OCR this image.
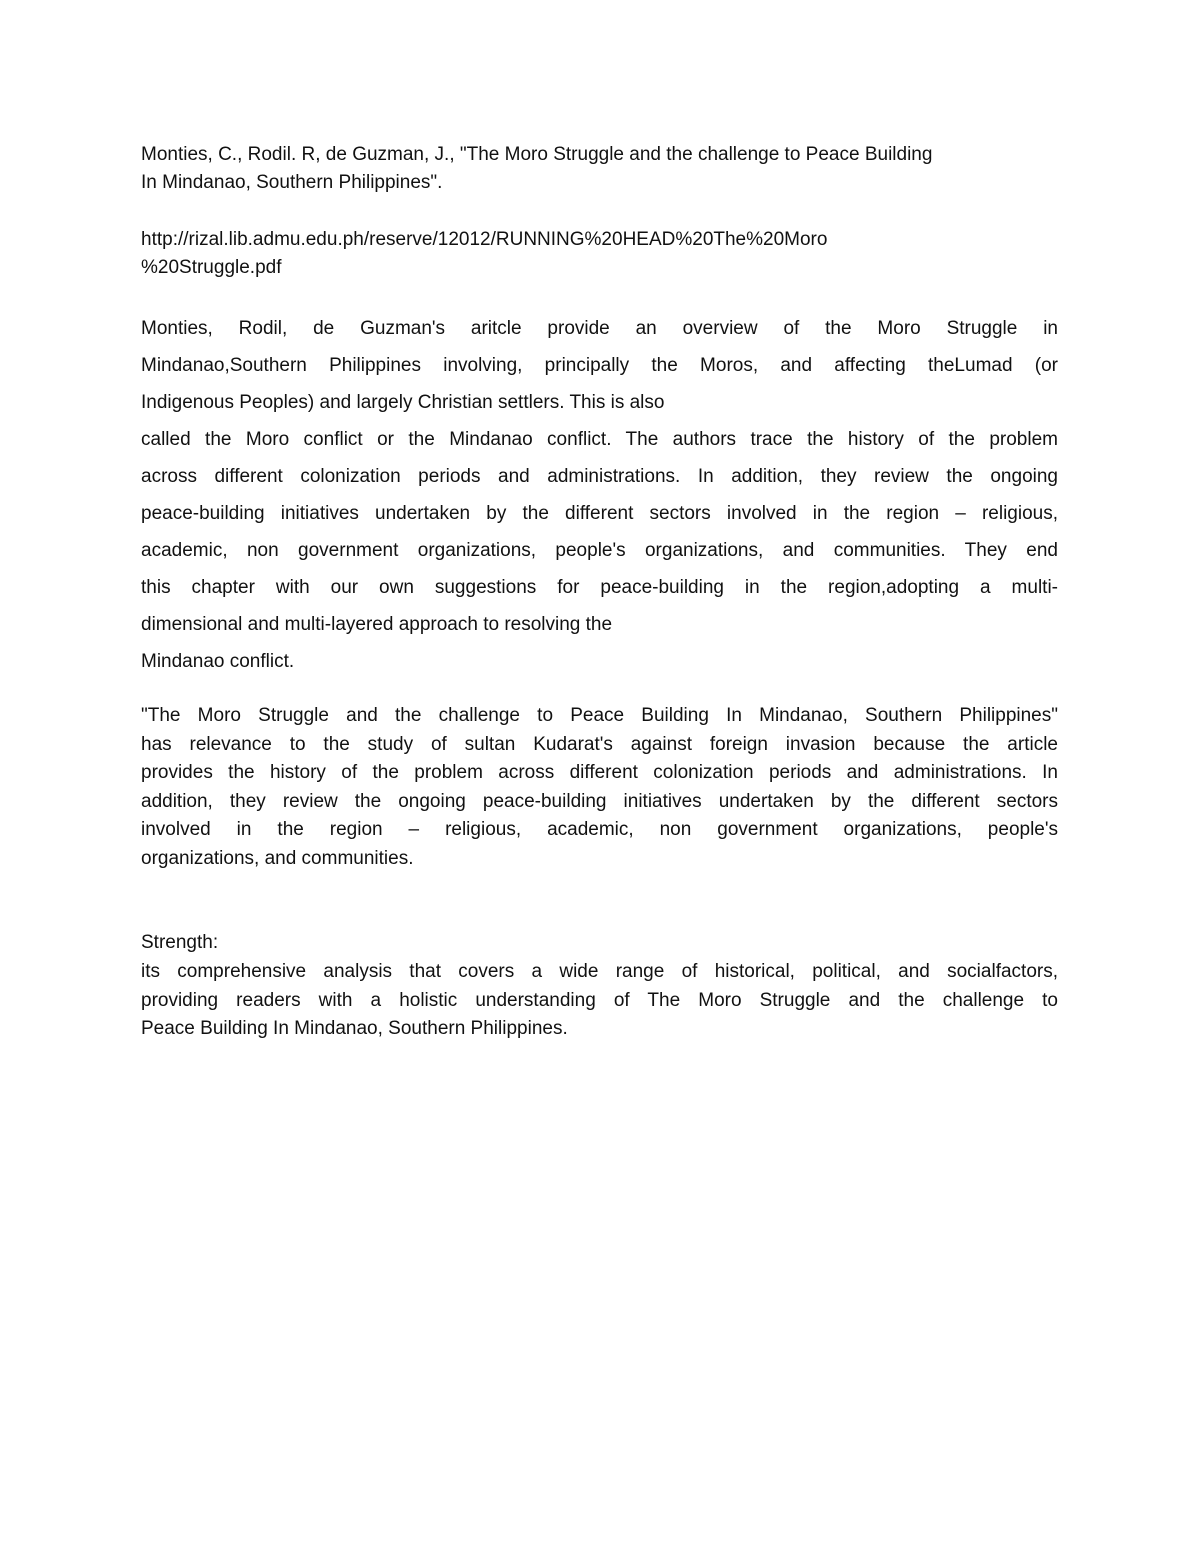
Monties, C., Rodil. R, de Guzman, J., "The Moro Struggle and the challenge to Peace Building
In Mindanao, Southern Philippines".
http://rizal.lib.admu.edu.ph/reserve/12012/RUNNING%20HEAD%20The%20Moro
%20Struggle.pdf
Monties, Rodil, de Guzman's aritcle provide an overview of the Moro Struggle in
Mindanao,Southern Philippines involving, principally the Moros, and affecting theLumad (or
Indigenous Peoples) and largely Christian settlers. This is also
called the Moro conflict or the Mindanao conflict. The authors trace the history of the problem
across different colonization periods and administrations. In addition, they review the ongoing
peace-building initiatives undertaken by the different sectors involved in the region – religious,
academic, non government organizations, people's organizations, and communities. They end
this chapter with our own suggestions for peace-building in the region,adopting a multi-
dimensional and multi-layered approach to resolving the
Mindanao conflict.
"The Moro Struggle and the challenge to Peace Building In Mindanao, Southern Philippines"
has relevance to the study of sultan Kudarat's against foreign invasion because the article
provides the history of the problem across different colonization periods and administrations. In
addition, they review the ongoing peace-building initiatives undertaken by the different sectors
involved in the region – religious, academic, non government organizations, people's
organizations, and communities.
Strength:
its comprehensive analysis that covers a wide range of historical, political, and socialfactors,
providing readers with a holistic understanding of The Moro Struggle and the challenge to
Peace Building In Mindanao, Southern Philippines.
